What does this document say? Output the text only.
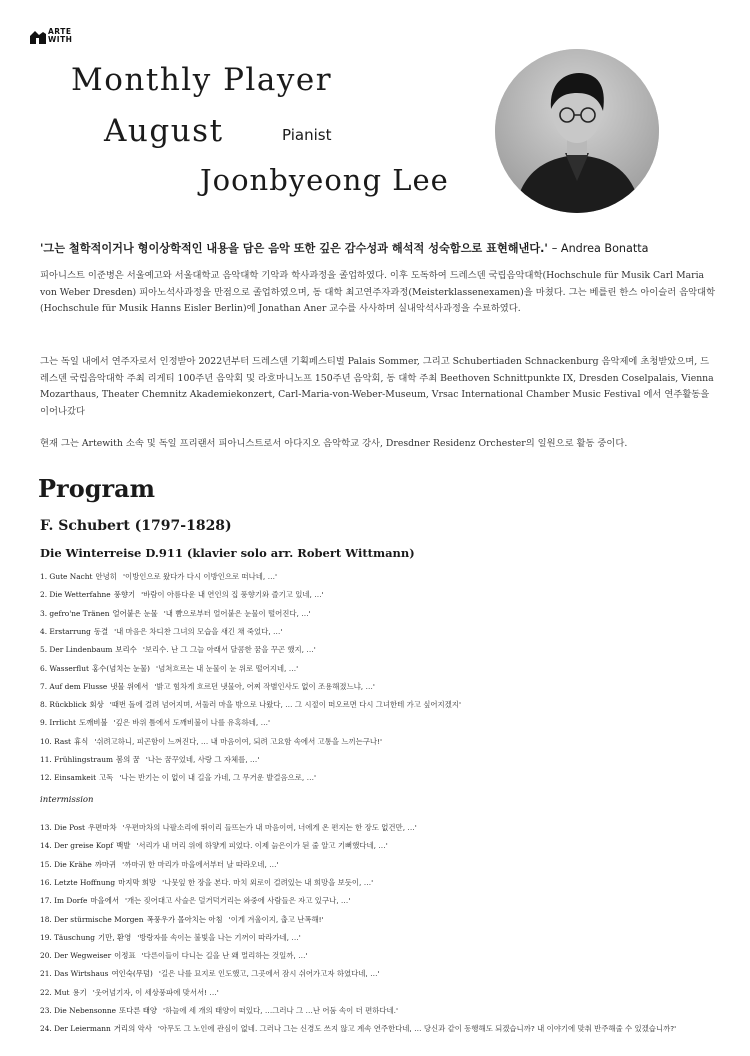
ARTE
WITH
Monthly Player
August	Pianist
Joonbyeong Lee
'그는 철학적이거나 형이상학적인 내용을 담은 음악 또한 깊은 감수성과 해석적 성숙함으로 표현해낸다.' – Andrea Bonatta
피아니스트 이준병은 서울예고와 서울대학교 음악대학 기악과 학사과정을 졸업하였다. 이후 도독하여 드레스덴 국립음악대학(Hochschule für Musik Carl Maria von Weber Dresden) 피아노석사과정을 만점으로 졸업하였으며, 동 대학 최고연주자과정(Meisterklassenexamen)을 마쳤다. 그는 베를린 한스 아이슬러 음악대학(Hochschule für Musik Hanns Eisler Berlin)에 Jonathan Aner 교수를 사사하며 실내악석사과정을 수료하였다.
그는 독일 내에서 연주자로서 인정받아 2022년부터 드레스덴 기획페스티벌 Palais Sommer, 그리고 Schubertiaden Schnackenburg 음악제에 초청받았으며, 드레스덴 국립음악대학 주최 리게티 100주년 음악회 및 라흐마니노프 150주년 음악회, 동 대학 주최 Beethoven Schnittpunkte IX, Dresden Coselpalais, Vienna Mozarthaus, Theater Chemnitz Akademiekonzert, Carl-Maria-von-Weber-Museum, Vrsac International Chamber Music Festival 에서 연주활동을 이어나갔다
현재 그는 Artewith 소속 및 독일 프리랜서 피아니스트로서 아다지오 음악학교 강사, Dresdner Residenz Orchester의 일원으로 활동 중이다.
Program
F. Schubert (1797-1828)
Die Winterreise D.911 (klavier solo arr. Robert Wittmann)
1. Gute Nacht 안녕히 '이방인으로 왔다가 다시 이방인으로 떠나네, …'
2. Die Wetterfahne 풍향기 '바람이 아름다운 내 연인의 집 풍향기와 즐기고 있네, …'
3. gefro'ne Tränen 얼어붙은 눈물 '내 뺨으로부터 얼어붙은 눈물이 떨어진다, …'
4. Erstarrung 동결 '내 마음은 차디찬 그녀의 모습을 새긴 채 죽었다, …'
5. Der Lindenbaum 보리수 '보리수. 난 그 그늘 아래서 달콤한 꿈을 꾸곤 했지, …'
6. Wasserflut 홍수(넘치는 눈물) '넘쳐흐르는 내 눈물이 눈 위로 떨어지네, …'
7. Auf dem Flusse 냇물 위에서 '밝고 힘차게 흐르던 냇물아, 어찌 작별인사도 없이 조용해졌느냐, …'
8. Rückblick 회상 '때번 돌에 걸려 넘어지며, 서둘러 마을 밖으로 나왔다, … 그 시절이 떠오르면 다시 그녀한테 가고 싶어지겠지'
9. Irrlicht 도깨비불 '깊은 바위 틈에서 도깨비불이 나를 유혹하네, …'
10. Rast 휴식 '쉬려고하니, 피곤함이 느껴진다, … 내 마음이여, 되려 고요함 속에서 고통을 느끼는구나!'
11. Frühlingstraum 봄의 꿈 '나는 꿈꾸었네, 사랑 그 자체를, …'
12. Einsamkeit 고독 '나는 반기는 이 없이 내 길을 가네, 그 무거운 발걸음으로, …'
13. Die Post 우편마차 '우편마차의 나팔소리에 뛰이리 들뜨는가 내 마음이여, 너에게 온 편지는 한 장도 없건만, …'
14. Der greise Kopf 백발 '서리가 내 머리 위에 하얗게 피었다. 이제 늙은이가 된 줄 알고 기뻐했다네, …'
15. Die Krähe 까마귀 '까마귀 한 마리가 마을에서부터 날 따라오네, …'
16. Letzte Hoffnung 마지막 희망 '나뭇잎 한 장을 본다. 마치 외로이 걸려있는 내 희망을 보듯이, …'
17. Im Dorfe 마을에서 '개는 짖어대고 사슬은 덜거덕거리는 와중에 사람들은 자고 있구나, …'
18. Der stürmische Morgen 폭풍우가 몰아치는 아침 '이게 겨울이지, 춥고 난폭해!'
19. Täuschung 기만, 환영 '방랑자를 속이는 불빛을 나는 기꺼이 따라가네, …'
20. Der Wegweiser 이정표 '다른이들이 다니는 길을 난 왜 멀리하는 것일까, …'
21. Das Wirtshaus 여인숙(무덤) '길은 나를 묘지로 인도했고, 그곳에서 잠시 쉬어가고자 하였다네, …'
22. Mut 용기 '웃어넘기자, 이 세상풍파에 맞서서! …'
23. Die Nebensonne 또다른 태양 '하늘에 세 개의 태양이 떠있다, …그러나 그 …난 어둠 속이 더 편하다네.'
24. Der Leiermann 거리의 악사 '아무도 그 노인에 관심이 없네. 그러나 그는 신경도 쓰지 않고 계속 연주한다네, … 당신과 같이 동행해도 되겠습니까? 내 이야기에 맞춰 반주해줄 수 있겠습니까?'
intermission
